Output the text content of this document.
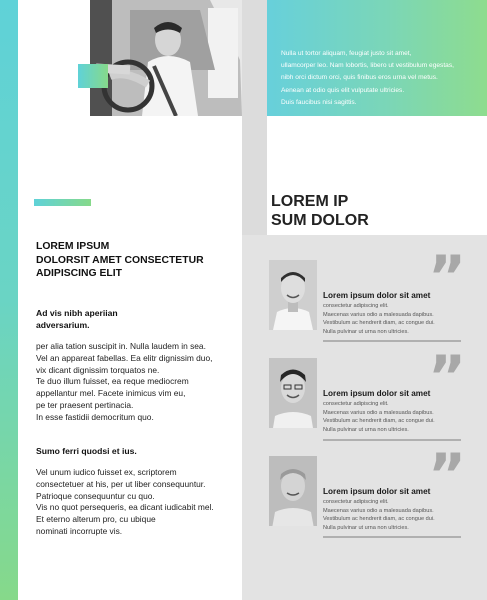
Nulla ut tortor aliquam, feugiat justo sit amet,
ullamcorper leo. Nam lobortis, libero ut vestibulum egestas,
nibh orci dictum orci, quis finibus eros urna vel metus.
Aenean at odio quis elit vulputate ultricies.
Duis faucibus nisi sagittis.
LOREM IP
SUM DOLOR
LOREM IPSUM
DOLORSIT AMET CONSECTETUR
ADIPISCING ELIT
Ad vis nibh aperiian
adversarium.
per alia tation suscipit in. Nulla laudem in sea.
Vel an appareat fabellas. Ea elitr dignissim duo,
vix dicant dignissim torquatos ne.
Te duo illum fuisset, ea reque mediocrem
appellantur mel. Facete inimicus vim eu,
pe ter praesent pertinacia.
In esse fastidii democritum quo.
Sumo ferri quodsi et ius.
Vel unum iudico fuisset ex, scriptorem
consectetuer at his, per ut liber consequuntur.
Patrioque consequuntur cu quo.
Vis no quot persequeris, ea dicant iudicabit mel.
Et eterno alterum pro, cu ubique
nominati incorrupte vis.
”
Lorem ipsum dolor sit amet
consectetur adipiscing elit.
Maecenas varius odio a malesuada dapibus.
Vestibulum ac hendrerit diam, ac congue dui.
Nulla pulvinar ut urna non ultricies.
”
Lorem ipsum dolor sit amet
consectetur adipiscing elit.
Maecenas varius odio a malesuada dapibus.
Vestibulum ac hendrerit diam, ac congue dui.
Nulla pulvinar ut urna non ultricies.
”
Lorem ipsum dolor sit amet
consectetur adipiscing elit.
Maecenas varius odio a malesuada dapibus.
Vestibulum ac hendrerit diam, ac congue dui.
Nulla pulvinar ut urna non ultricies.
